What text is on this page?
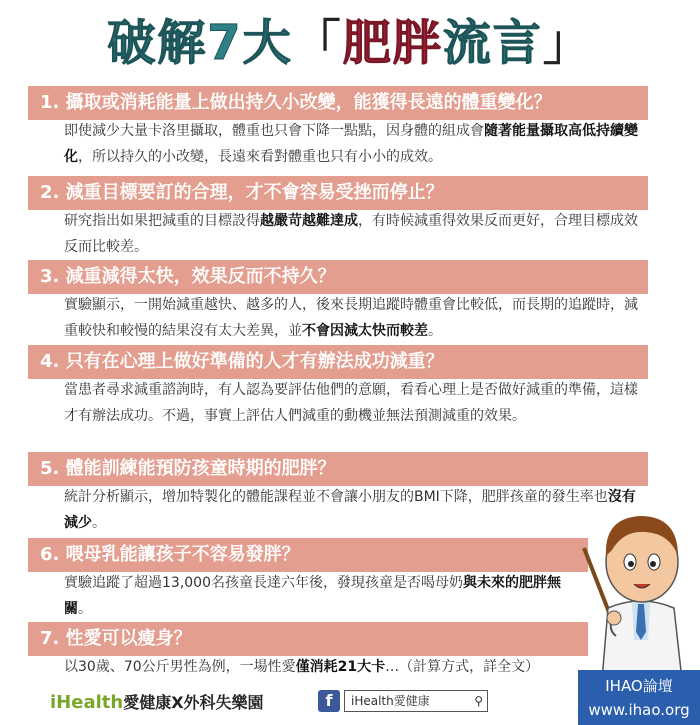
破解7大「肥胖流言」
1. 攝取或消耗能量上做出持久小改變，能獲得長遠的體重變化？
即使減少大量卡洛里攝取，體重也只會下降一點點，因身體的組成會隨著能量攝取高低持續變化，所以持久的小改變，長遠來看對體重也只有小小的成效。
2. 減重目標要訂的合理，才不會容易受挫而停止？
研究指出如果把減重的目標設得越嚴苛越難達成，有時候減重得效果反而更好，合理目標成效反而比較差。
3. 減重減得太快，效果反而不持久？
實驗顯示，一開始減重越快、越多的人，後來長期追蹤時體重會比較低，而長期的追蹤時，減重較快和較慢的結果沒有太大差異，並不會因減太快而較差。
4. 只有在心理上做好準備的人才有辦法成功減重？
當患者尋求減重諮詢時，有人認為要評估他們的意願，看看心理上是否做好減重的準備，這樣才有辦法成功。不過，事實上評估人們減重的動機並無法預測減重的效果。
5. 體能訓練能預防孩童時期的肥胖？
統計分析顯示，增加特製化的體能課程並不會讓小朋友的BMI下降，肥胖孩童的發生率也沒有減少。
6. 喂母乳能讓孩子不容易發胖？
實驗追蹤了超過13,000名孩童長達六年後，發現孩童是否喝母奶與未來的肥胖無關。
7. 性愛可以瘦身？
以30歲、70公斤男性為例，一場性愛僅消耗21大卡…（計算方式，詳全文）
iHealth愛健康X外科失樂園	f	iHealth愛健康	⚲
IHAO論壇
www.ihao.org
